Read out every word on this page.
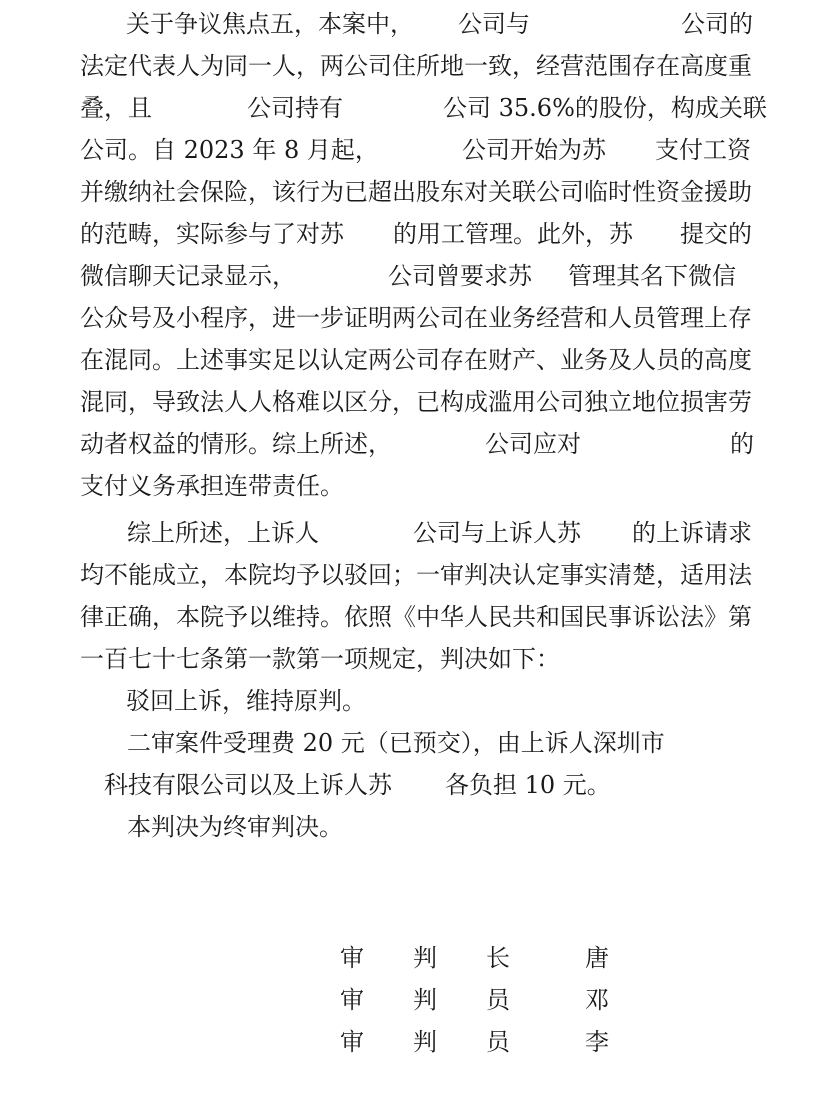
关于争议焦点五，本案中， 公司与	公司的
法定代表人为同一人，两公司住所地一致，经营范围存在高度重
叠，且	公司持有	公司 35.6%的股份，构成关联
公司。自 2023 年 8 月起，	公司开始为苏 支付工资
并缴纳社会保险，该行为已超出股东对关联公司临时性资金援助
的范畴，实际参与了对苏 的用工管理。此外，苏 提交的
微信聊天记录显示，	公司曾要求苏 管理其名下微信
公众号及小程序，进一步证明两公司在业务经营和人员管理上存
在混同。上述事实足以认定两公司存在财产、业务及人员的高度
混同，导致法人人格难以区分，已构成滥用公司独立地位损害劳
动者权益的情形。综上所述，	公司应对	的
支付义务承担连带责任。
综上所述，上诉人	公司与上诉人苏 的上诉请求
均不能成立，本院均予以驳回；一审判决认定事实清楚，适用法
律正确，本院予以维持。依照《中华人民共和国民事诉讼法》第
一百七十七条第一款第一项规定，判决如下：
驳回上诉，维持原判。
二审案件受理费 20 元（已预交），由上诉人深圳市
科技有限公司以及上诉人苏 各负担 10 元。
本判决为终审判决。
审　判　长	唐
审　判　员	邓
审　判　员	李
